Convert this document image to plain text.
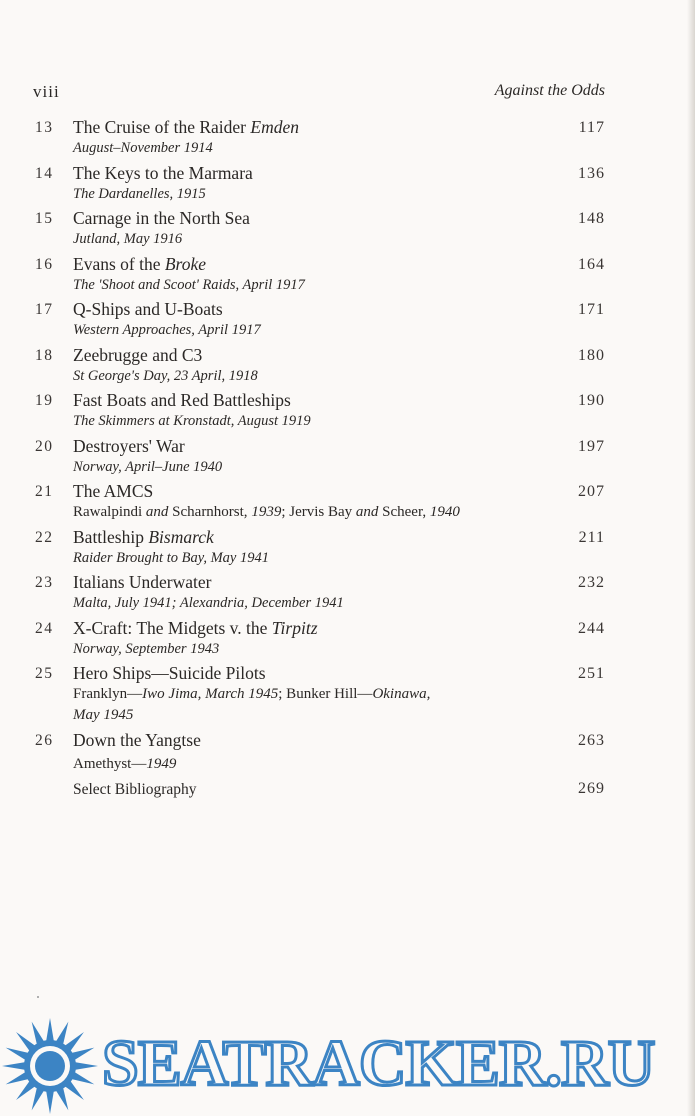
viii	Against the Odds
13 The Cruise of the Raider Emden
August–November 1914
117
14 The Keys to the Marmara
The Dardanelles, 1915
136
15 Carnage in the North Sea
Jutland, May 1916
148
16 Evans of the Broke
The 'Shoot and Scoot' Raids, April 1917
164
17 Q-Ships and U-Boats
Western Approaches, April 1917
171
18 Zeebrugge and C3
St George's Day, 23 April, 1918
180
19 Fast Boats and Red Battleships
The Skimmers at Kronstadt, August 1919
190
20 Destroyers' War
Norway, April–June 1940
197
21 The AMCS
Rawalpindi and Scharnhorst, 1939; Jervis Bay and Scheer, 1940
207
22 Battleship Bismarck
Raider Brought to Bay, May 1941
211
23 Italians Underwater
Malta, July 1941; Alexandria, December 1941
232
24 X-Craft: The Midgets v. the Tirpitz
Norway, September 1943
244
25 Hero Ships—Suicide Pilots
Franklyn—Iwo Jima, March 1945; Bunker Hill—Okinawa,
May 1945
251
26 Down the Yangtse
Amethyst—1949
263
Select Bibliography	269
SEATRACKER.RU
